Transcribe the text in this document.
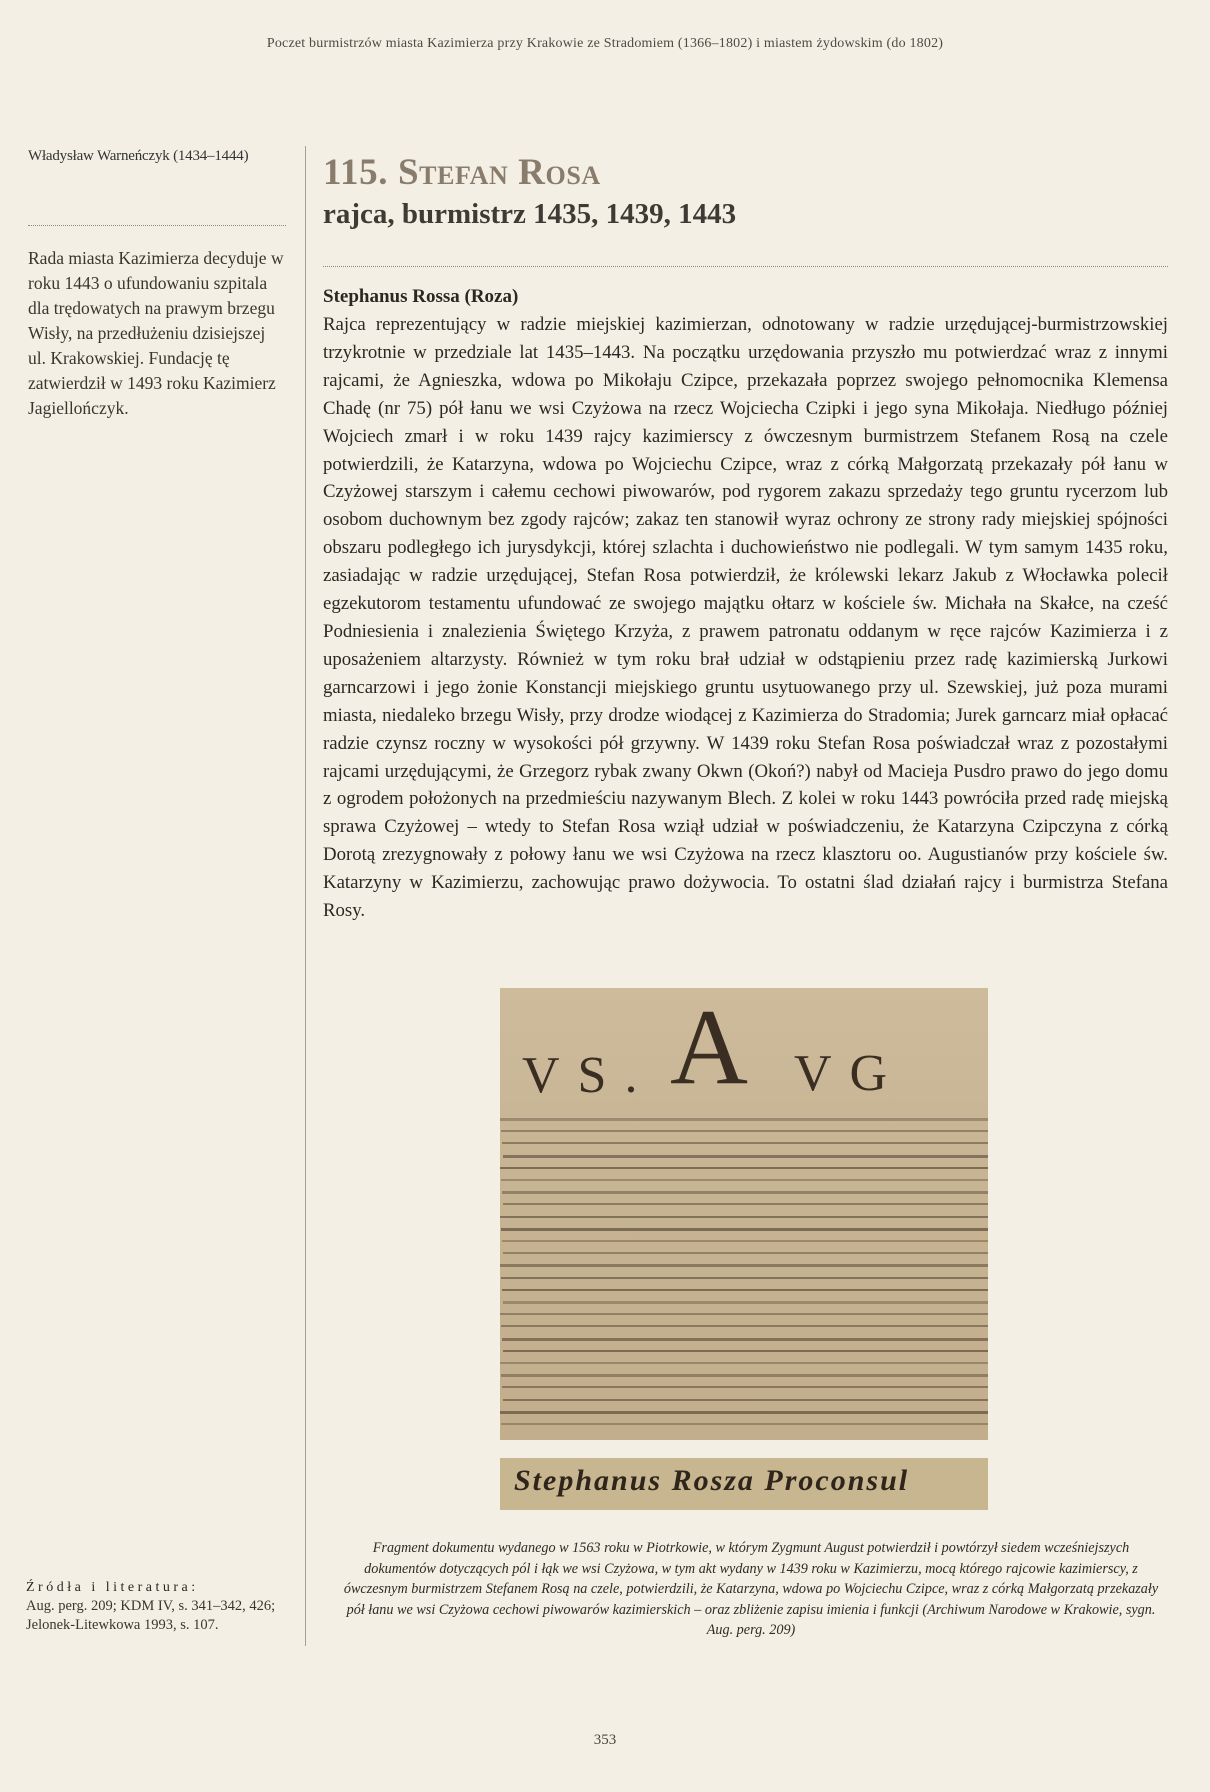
Poczet burmistrzów miasta Kazimierza przy Krakowie ze Stradomiem (1366–1802) i miastem żydowskim (do 1802)
Władysław Warneńczyk (1434–1444)
Rada miasta Kazimierza decyduje w roku 1443 o ufundowaniu szpitala dla trędowatych na prawym brzegu Wisły, na przedłużeniu dzisiejszej ul. Krakowskiej. Fundację tę zatwierdził w 1493 roku Kazimierz Jagiellończyk.
115. Stefan Rosa
rajca, burmistrz 1435, 1439, 1443
Stephanus Rossa (Roza)

Rajca reprezentujący w radzie miejskiej kazimierzan, odnotowany w radzie urzędującej-burmistrzowskiej trzykrotnie w przedziale lat 1435–1443. Na początku urzędowania przyszło mu potwierdzać wraz z innymi rajcami, że Agnieszka, wdowa po Mikołaju Czipce, przekazała poprzez swojego pełnomocnika Klemensa Chadę (nr 75) pół łanu we wsi Czyżowa na rzecz Wojciecha Czipki i jego syna Mikołaja. Niedługo później Wojciech zmarł i w roku 1439 rajcy kazimierscy z ówczesnym burmistrzem Stefanem Rosą na czele potwierdzili, że Katarzyna, wdowa po Wojciechu Czipce, wraz z córką Małgorzatą przekazały pół łanu w Czyżowej starszym i całemu cechowi piwowarów, pod rygorem zakazu sprzedaży tego gruntu rycerzom lub osobom duchownym bez zgody rajców; zakaz ten stanowił wyraz ochrony ze strony rady miejskiej spójności obszaru podległego ich jurysdykcji, której szlachta i duchowieństwo nie podlegali. W tym samym 1435 roku, zasiadając w radzie urzędującej, Stefan Rosa potwierdził, że królewski lekarz Jakub z Włocławka polecił egzekutorom testamentu ufundować ze swojego majątku ołtarz w kościele św. Michała na Skałce, na cześć Podniesienia i znalezienia Świętego Krzyża, z prawem patronatu oddanym w ręce rajców Kazimierza i z uposażeniem altarzysty. Również w tym roku brał udział w odstąpieniu przez radę kazimierską Jurkowi garncarzowi i jego żonie Konstancji miejskiego gruntu usytuowanego przy ul. Szewskiej, już poza murami miasta, niedaleko brzegu Wisły, przy drodze wiodącej z Kazimierza do Stradomia; Jurek garncarz miał opłacać radzie czynsz roczny w wysokości pół grzywny. W 1439 roku Stefan Rosa poświadczał wraz z pozostałymi rajcami urzędującymi, że Grzegorz rybak zwany Okwn (Okoń?) nabył od Macieja Pusdro prawo do jego domu z ogrodem położonych na przedmieściu nazywanym Blech. Z kolei w roku 1443 powróciła przed radę miejską sprawa Czyżowej – wtedy to Stefan Rosa wziął udział w poświadczeniu, że Katarzyna Czipczyna z córką Dorotą zrezygnowały z połowy łanu we wsi Czyżowa na rzecz klasztoru oo. Augustianów przy kościele św. Katarzyny w Kazimierzu, zachowując prawo dożywocia. To ostatni ślad działań rajcy i burmistrza Stefana Rosy.

VS. A VG
Stephanus Rosza Proconsul
Fragment dokumentu wydanego w 1563 roku w Piotrkowie, w którym Zygmunt August potwierdził i powtórzył siedem wcześniejszych dokumentów dotyczących pól i łąk we wsi Czyżowa, w tym akt wydany w 1439 roku w Kazimierzu, mocą którego rajcowie kazimierscy, z ówczesnym burmistrzem Stefanem Rosą na czele, potwierdzili, że Katarzyna, wdowa po Wojciechu Czipce, wraz z córką Małgorzatą przekazały pół łanu we wsi Czyżowa cechowi piwowarów kazimierskich – oraz zbliżenie zapisu imienia i funkcji (Archiwum Narodowe w Krakowie, sygn. Aug. perg. 209)
Źródła i literatura:
Aug. perg. 209; KDM IV, s. 341–342, 426; Jelonek-Litewkowa 1993, s. 107.
353
